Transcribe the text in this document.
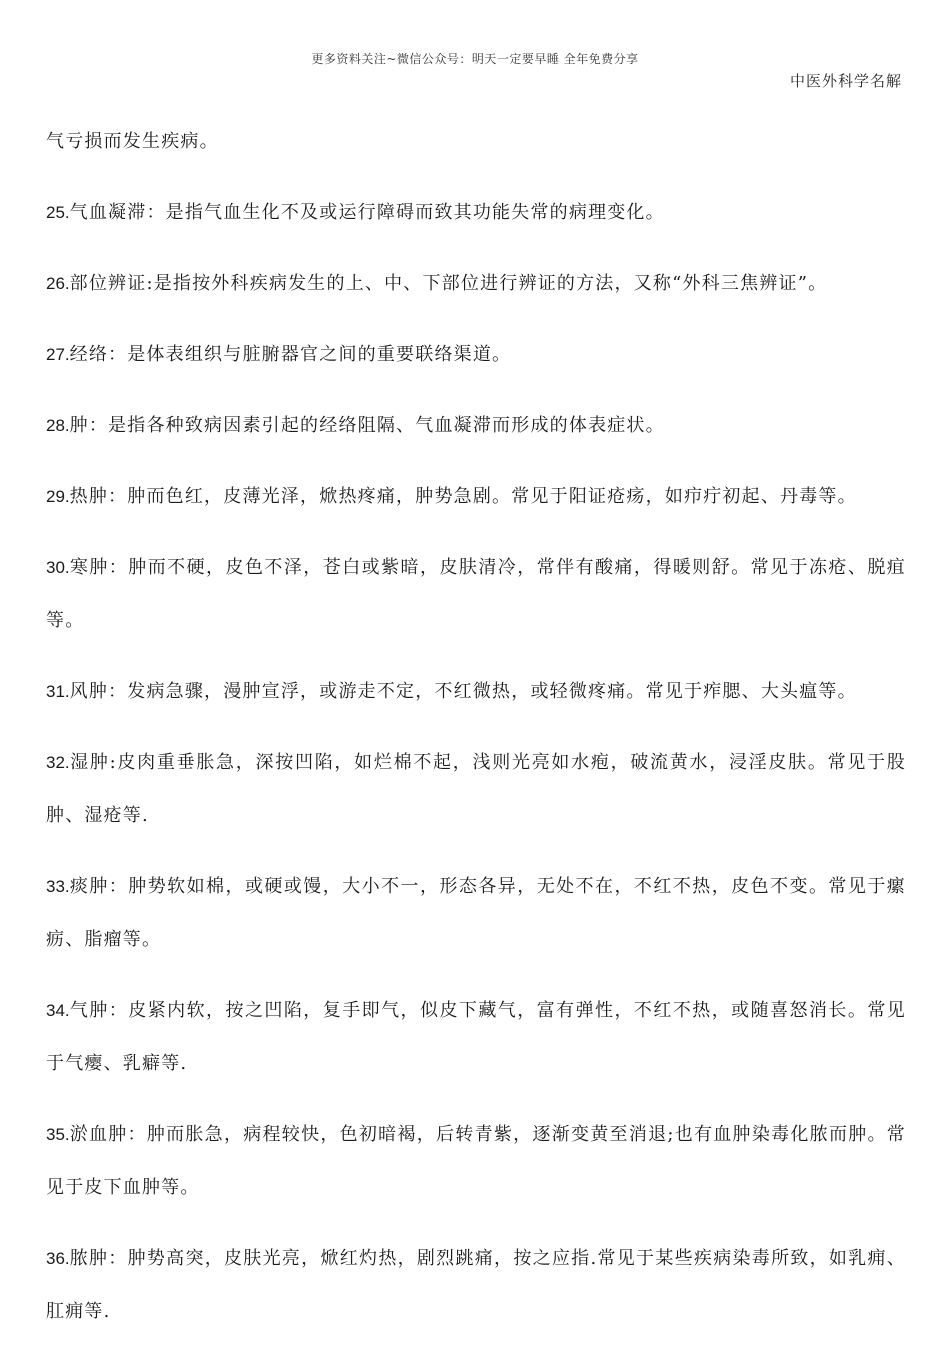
更多资料关注~微信公众号：明天一定要早睡 全年免费分享
中医外科学名解

气亏损而发生疾病。

25.气血凝滞：是指气血生化不及或运行障碍而致其功能失常的病理变化。

26.部位辨证:是指按外科疾病发生的上、中、下部位进行辨证的方法，又称“外科三焦辨证”。

27.经络：是体表组织与脏腑器官之间的重要联络渠道。

28.肿：是指各种致病因素引起的经络阻隔、气血凝滞而形成的体表症状。

29.热肿：肿而色红，皮薄光泽，焮热疼痛，肿势急剧。常见于阳证疮疡，如疖疔初起、丹毒等。

30.寒肿：肿而不硬，皮色不泽，苍白或紫暗，皮肤清冷，常伴有酸痛，得暖则舒。常见于冻疮、脱疽等。

31.风肿：发病急骤，漫肿宣浮，或游走不定，不红微热，或轻微疼痛。常见于痄腮、大头瘟等。

32.湿肿:皮肉重垂胀急，深按凹陷，如烂棉不起，浅则光亮如水疱，破流黄水，浸淫皮肤。常见于股肿、湿疮等.

33.痰肿：肿势软如棉，或硬或馒，大小不一，形态各异，无处不在，不红不热，皮色不变。常见于瘰疬、脂瘤等。

34.气肿：皮紧内软，按之凹陷，复手即气，似皮下藏气，富有弹性，不红不热，或随喜怒消长。常见于气瘿、乳癖等.

35.淤血肿：肿而胀急，病程较快，色初暗褐，后转青紫，逐渐变黄至消退;也有血肿染毒化脓而肿。常见于皮下血肿等。

36.脓肿：肿势高突，皮肤光亮，焮红灼热，剧烈跳痛，按之应指.常见于某些疾病染毒所致，如乳痈、肛痈等.
